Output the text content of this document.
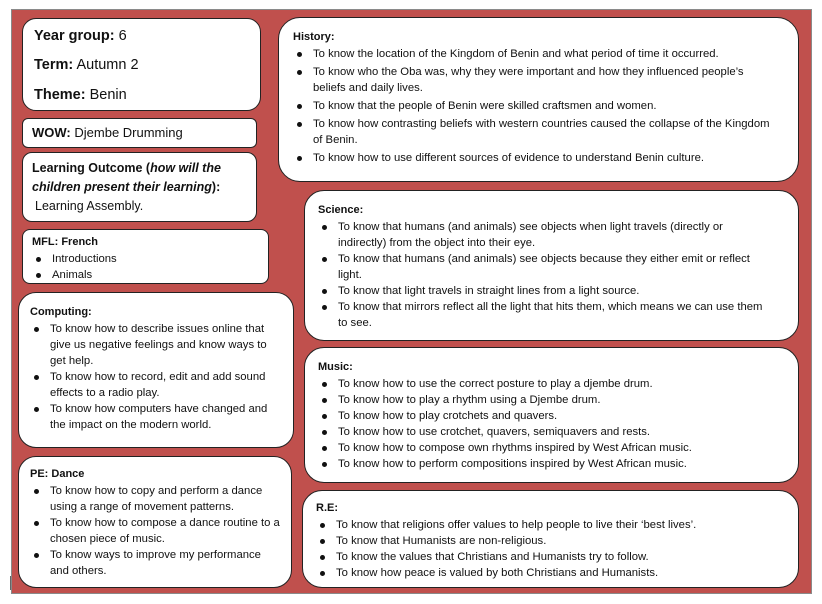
Year group: 6
Term: Autumn 2
Theme: Benin
WOW: Djembe Drumming
Learning Outcome (how will the children present their learning):
Learning Assembly.
MFL: French
Introductions
Animals
Computing:
To know how to describe issues online that give us negative feelings and know ways to get help.
To know how to record, edit and add sound effects to a radio play.
To know how computers have changed and the impact on the modern world.
PE: Dance
To know how to copy and perform a dance using a range of movement patterns.
To know how to compose a dance routine to a chosen piece of music.
To know ways to improve my performance and others.
History:
To know the location of the Kingdom of Benin and what period of time it occurred.
To know who the Oba was, why they were important and how they influenced people’s beliefs and daily lives.
To know that the people of Benin were skilled craftsmen and women.
To know how contrasting beliefs with western countries caused the collapse of the Kingdom of Benin.
To know how to use different sources of evidence to understand Benin culture.
Science:
To know that humans (and animals) see objects when light travels (directly or indirectly) from the object into their eye.
To know that humans (and animals) see objects because they either emit or reflect light.
To know that light travels in straight lines from a light source.
To know that mirrors reflect all the light that hits them, which means we can use them to see.
Music:
To know how to use the correct posture to play a djembe drum.
To know how to play a rhythm using a Djembe drum.
To know how to play crotchets and quavers.
To know how to use crotchet, quavers, semiquavers and rests.
To know how to compose own rhythms inspired by West African music.
To know how to perform compositions inspired by West African music.
R.E:
To know that religions offer values to help people to live their ‘best lives’.
To know that Humanists are non-religious.
To know the values that Christians and Humanists try to follow.
To know how peace is valued by both Christians and Humanists.
